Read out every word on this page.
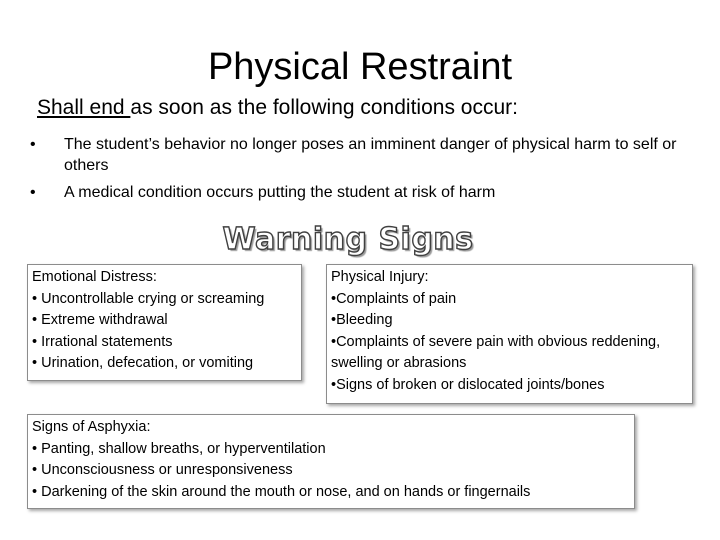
Physical Restraint
Shall end as soon as the following conditions occur:
• The student’s behavior no longer poses an imminent danger of physical harm to self or others
• A medical condition occurs putting the student at risk of harm
Warning Signs
Emotional Distress:
• Uncontrollable crying or screaming
• Extreme withdrawal
• Irrational statements
• Urination, defecation, or vomiting
Physical Injury:
•Complaints of pain
•Bleeding
•Complaints of severe pain with obvious reddening, swelling or abrasions
•Signs of broken or dislocated joints/bones
Signs of Asphyxia:
• Panting, shallow breaths, or hyperventilation
• Unconsciousness or unresponsiveness
• Darkening of the skin around the mouth or nose, and on hands or fingernails
